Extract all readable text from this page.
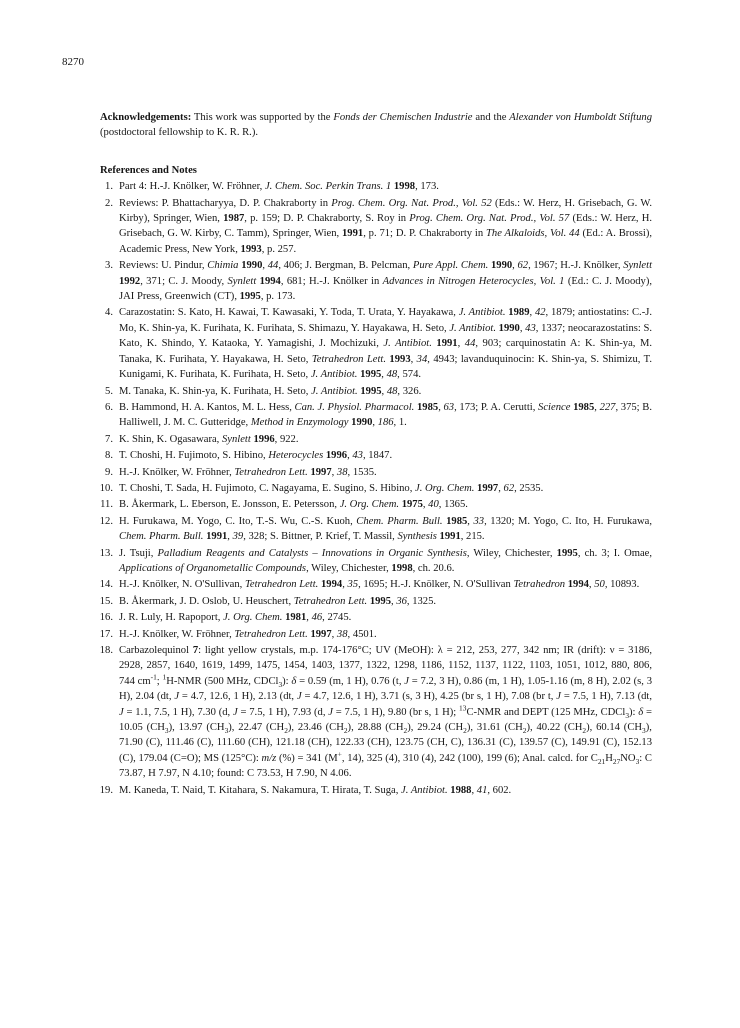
8270

Acknowledgements: This work was supported by the Fonds der Chemischen Industrie and the Alexander von Humboldt Stiftung (postdoctoral fellowship to K. R. R.).

References and Notes
1 . Part 4: H.-J. Knölker, W. Fröhner, J. Chem. Soc. Perkin Trans. 1 1998, 173.
2 . Reviews: P. Bhattacharyya, D. P. Chakraborty in Prog. Chem. Org. Nat. Prod., Vol. 52 (Eds.: W. Herz, H. Grisebach, G. W. Kirby), Springer, Wien, 1987, p. 159; D. P. Chakraborty, S. Roy in Prog. Chem. Org. Nat. Prod., Vol. 57 (Eds.: W. Herz, H. Grisebach, G. W. Kirby, C. Tamm), Springer, Wien, 1991, p. 71; D. P. Chakraborty in The Alkaloids, Vol. 44 (Ed.: A. Brossi), Academic Press, New York, 1993, p. 257.
3 . Reviews: U. Pindur, Chimia 1990, 44, 406; J. Bergman, B. Pelcman, Pure Appl. Chem. 1990, 62, 1967; H.-J. Knölker, Synlett 1992, 371; C. J. Moody, Synlett 1994, 681; H.-J. Knölker in Advances in Nitrogen Heterocycles, Vol. 1 (Ed.: C. J. Moody), JAI Press, Greenwich (CT), 1995, p. 173.
4 . Carazostatin: S. Kato, H. Kawai, T. Kawasaki, Y. Toda, T. Urata, Y. Hayakawa, J. Antibiot. 1989, 42, 1879; antiostatins: C.-J. Mo, K. Shin-ya, K. Furihata, K. Furihata, S. Shimazu, Y. Hayakawa, H. Seto, J. Antibiot. 1990, 43, 1337; neocarazostatins: S. Kato, K. Shindo, Y. Kataoka, Y. Yamagishi, J. Mochizuki, J. Antibiot. 1991, 44, 903; carquinostatin A: K. Shin-ya, M. Tanaka, K. Furihata, Y. Hayakawa, H. Seto, Tetrahedron Lett. 1993, 34, 4943; lavanduquinocin: K. Shin-ya, S. Shimizu, T. Kunigami, K. Furihata, K. Furihata, H. Seto, J. Antibiot. 1995, 48, 574.
5 . M. Tanaka, K. Shin-ya, K. Furihata, H. Seto, J. Antibiot. 1995, 48, 326.
6 . B. Hammond, H. A. Kantos, M. L. Hess, Can. J. Physiol. Pharmacol. 1985, 63, 173; P. A. Cerutti, Science 1985, 227, 375; B. Halliwell, J. M. C. Gutteridge, Method in Enzymology 1990, 186, 1.
7 . K. Shin, K. Ogasawara, Synlett 1996, 922.
8 . T. Choshi, H. Fujimoto, S. Hibino, Heterocycles 1996, 43, 1847.
9 . H.-J. Knölker, W. Fröhner, Tetrahedron Lett. 1997, 38, 1535.
10 . T. Choshi, T. Sada, H. Fujimoto, C. Nagayama, E. Sugino, S. Hibino, J. Org. Chem. 1997, 62, 2535.
11 . B. Åkermark, L. Eberson, E. Jonsson, E. Petersson, J. Org. Chem. 1975, 40, 1365.
12 . H. Furukawa, M. Yogo, C. Ito, T.-S. Wu, C.-S. Kuoh, Chem. Pharm. Bull. 1985, 33, 1320; M. Yogo, C. Ito, H. Furukawa, Chem. Pharm. Bull. 1991, 39, 328; S. Bittner, P. Krief, T. Massil, Synthesis 1991, 215.
13 . J. Tsuji, Palladium Reagents and Catalysts – Innovations in Organic Synthesis, Wiley, Chichester, 1995, ch. 3; I. Omae, Applications of Organometallic Compounds, Wiley, Chichester, 1998, ch. 20.6.
14 . H.-J. Knölker, N. O'Sullivan, Tetrahedron Lett. 1994, 35, 1695; H.-J. Knölker, N. O'Sullivan Tetrahedron 1994, 50, 10893.
15 . B. Åkermark, J. D. Oslob, U. Heuschert, Tetrahedron Lett. 1995, 36, 1325.
16 . J. R. Luly, H. Rapoport, J. Org. Chem. 1981, 46, 2745.
17 . H.-J. Knölker, W. Fröhner, Tetrahedron Lett. 1997, 38, 4501.
18 . Carbazolequinol 7: light yellow crystals, m.p. 174-176°C; UV (MeOH): λ = 212, 253, 277, 342 nm; IR (drift): ν = 3186, 2928, 2857, 1640, 1619, 1499, 1475, 1454, 1403, 1377, 1322, 1298, 1186, 1152, 1137, 1122, 1103, 1051, 1012, 880, 806, 744 $cm^{-1}$; $^1$H-NMR (500 MHz, CDCl$_3$): δ = 0.59 (m, 1 H), 0.76 (t, J = 7.2, 3 H), 0.86 (m, 1 H), 1.05-1.16 (m, 8 H), 2.02 (s, 3 H), 2.04 (dt, J = 4.7, 12.6, 1 H), 2.13 (dt, J = 4.7, 12.6, 1 H), 3.71 (s, 3 H), 4.25 (br s, 1 H), 7.08 (br t, J = 7.5, 1 H), 7.13 (dt, J = 1.1, 7.5, 1 H), 7.30 (d, J = 7.5, 1 H), 7.93 (d, J = 7.5, 1 H), 9.80 (br s, 1 H); $^{13}$C-NMR and DEPT (125 MHz, CDCl$_3$): δ = 10.05 $(CH_3)$, 13.97 $(CH_3)$, 22.47 $(CH_2)$, 23.46 $(CH_2)$, 28.88 $(CH_2)$, 29.24 $(CH_2)$, 31.61 $(CH_2)$, 40.22 $(CH_2)$, 60.14 $(CH_3)$, 71.90 (C), 111.46 (C), 111.60 (CH), 121.18 (CH), 122.33 (CH), 123.75 (CH, C), 136.31 (C), 139.57 (C), 149.91 (C), 152.13 (C), 179.04 (C=O); MS (125°C): m/z (%) = 341 (M+, 14), 325 (4), 310 (4), 242 (100), 199 (6); Anal. calcd. for $C_{21}H_{27}NO_3$: C 73.87, H 7.97, N 4.10; found: C 73.53, H 7.90, N 4.06.
19 . M. Kaneda, T. Naid, T. Kitahara, S. Nakamura, T. Hirata, T. Suga, J. Antibiot. 1988, 41, 602.
